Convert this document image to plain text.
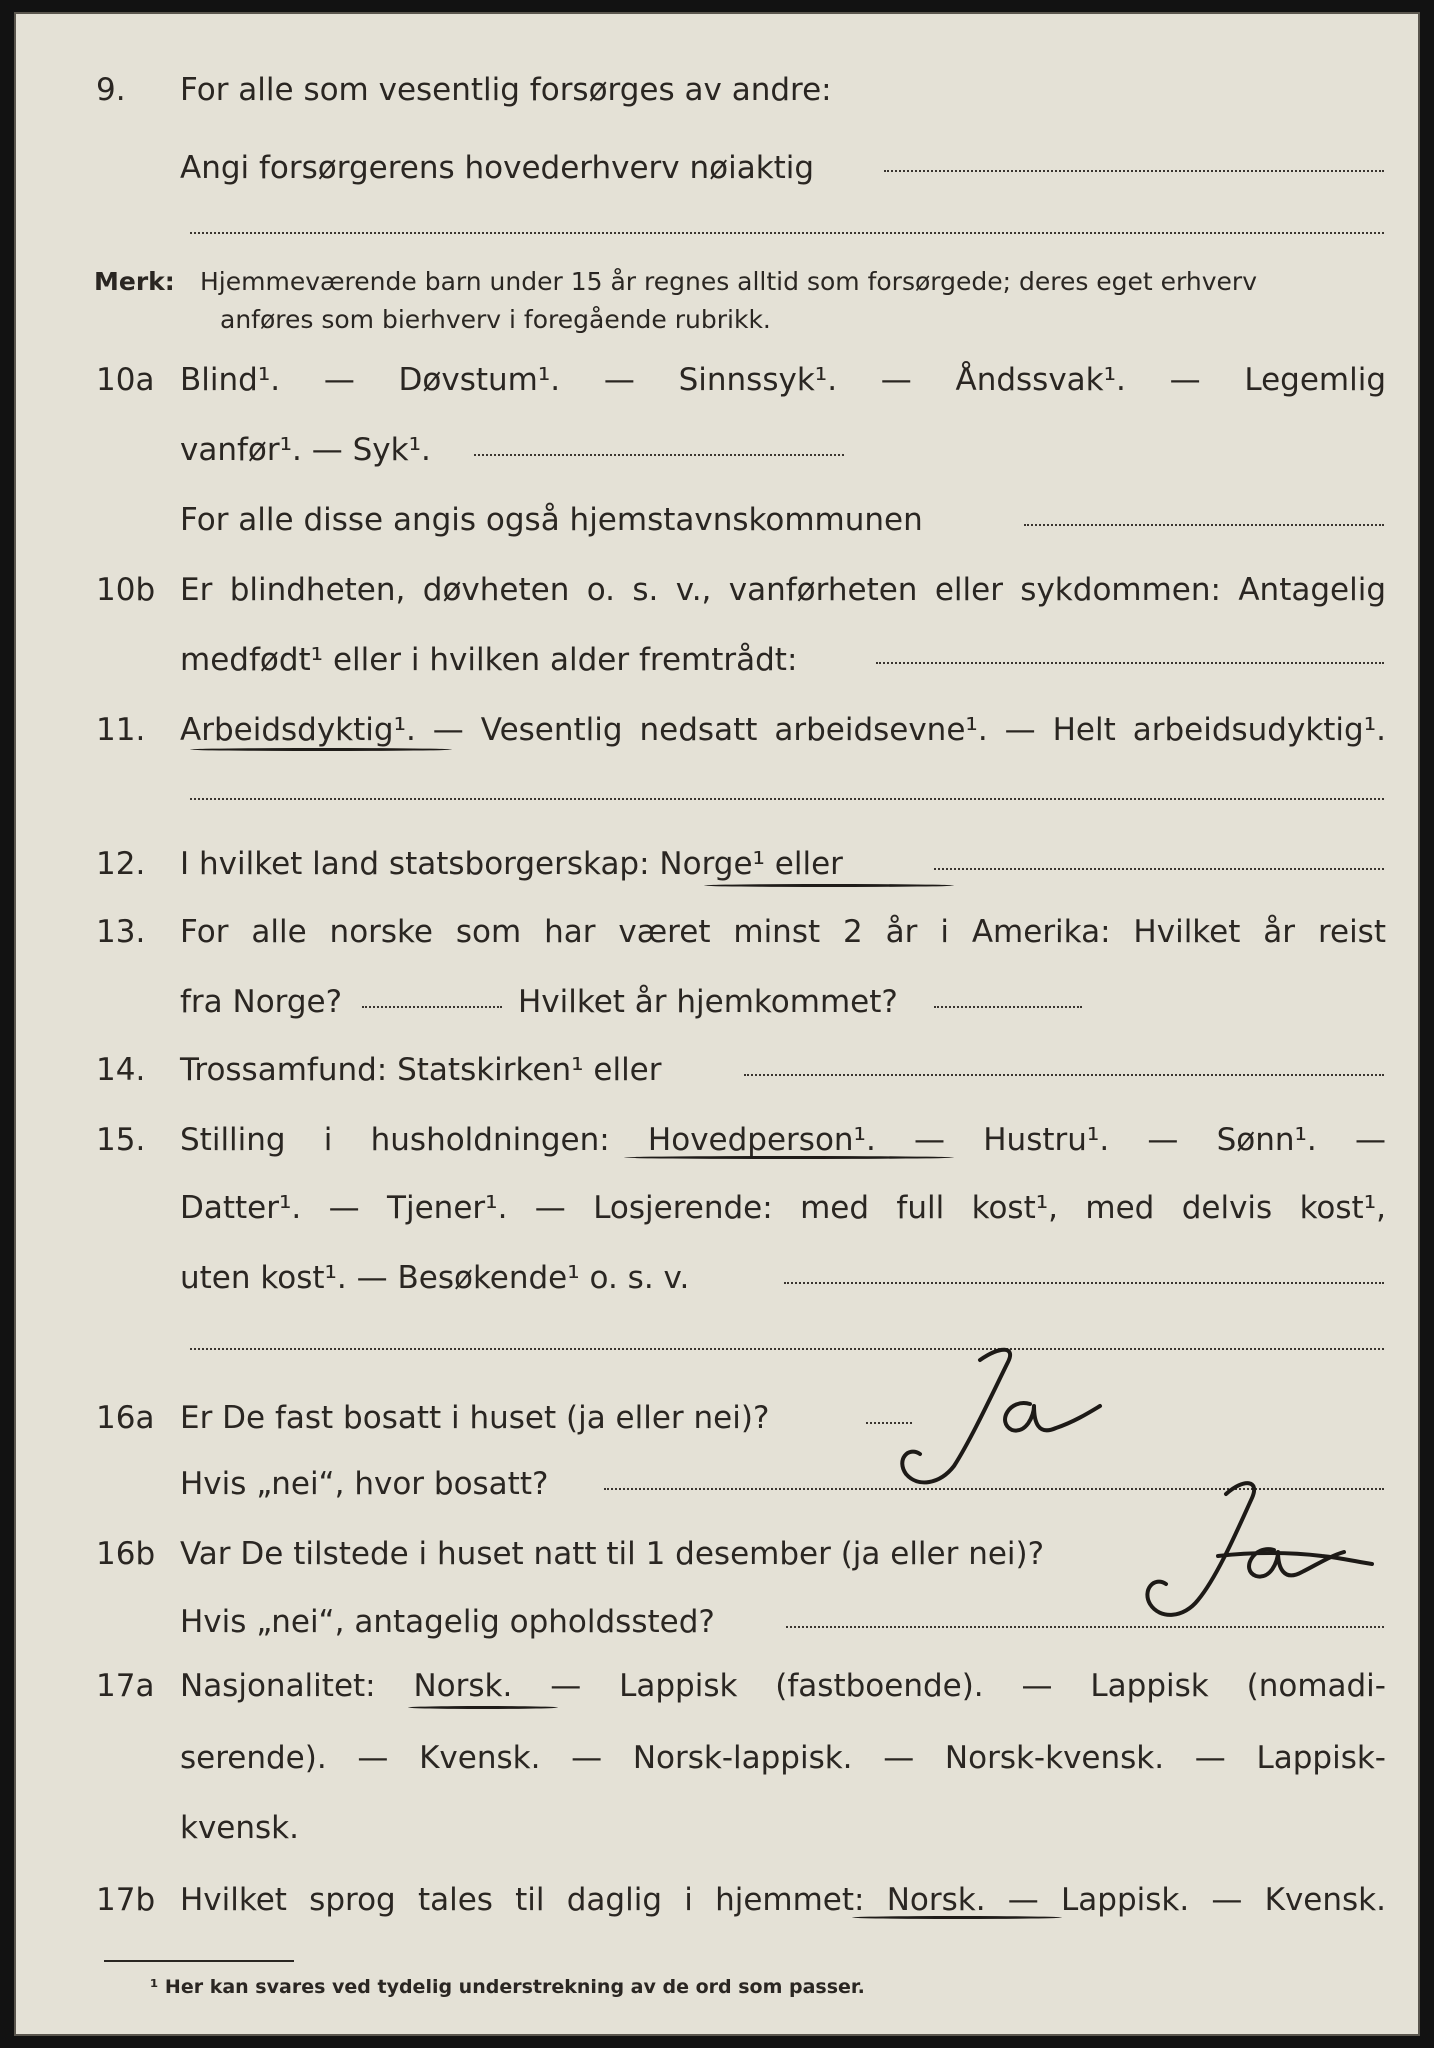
9. For alle som vesentlig forsørges av andre:
Angi forsørgerens hovederhverv nøiaktig
Merk: Hjemmeværende barn under 15 år regnes alltid som forsørgede; deres eget erhverv
anføres som bierhverv i foregående rubrikk.
10a Blind¹. — Døvstum¹. — Sinnssyk¹. — Åndssvak¹. — Legemlig
vanfør¹. — Syk¹.
For alle disse angis også hjemstavnskommunen
10b Er blindheten, døvheten o. s. v., vanførheten eller sykdommen: Antagelig
medfødt¹ eller i hvilken alder fremtrådt:
11. Arbeidsdyktig¹. — Vesentlig nedsatt arbeidsevne¹. — Helt arbeidsudyktig¹.
12. I hvilket land statsborgerskap: Norge¹ eller
13. For alle norske som har været minst 2 år i Amerika: Hvilket år reist
fra Norge?	Hvilket år hjemkommet?
14. Trossamfund: Statskirken¹ eller
15. Stilling i husholdningen: Hovedperson¹. — Hustru¹. — Sønn¹. —
Datter¹. — Tjener¹. — Losjerende: med full kost¹, med delvis kost¹,
uten kost¹. — Besøkende¹ o. s. v.
16a Er De fast bosatt i huset (ja eller nei)?
Hvis „nei“, hvor bosatt?
16b Var De tilstede i huset natt til 1 desember (ja eller nei)?
Hvis „nei“, antagelig opholdssted?
17a Nasjonalitet: Norsk. — Lappisk (fastboende). — Lappisk (nomadi-
serende). — Kvensk. — Norsk-lappisk. — Norsk-kvensk. — Lappisk-
kvensk.
17b Hvilket sprog tales til daglig i hjemmet: Norsk. — Lappisk. — Kvensk.
¹ Her kan svares ved tydelig understrekning av de ord som passer.
